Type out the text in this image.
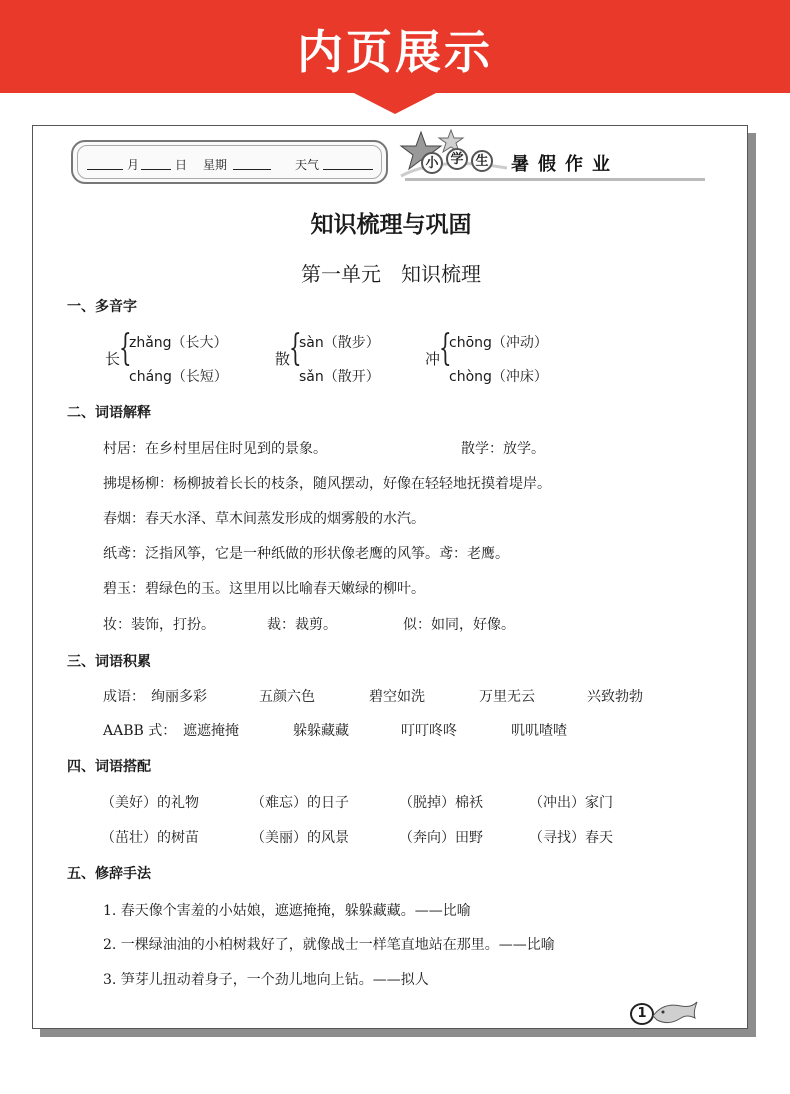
内页展示
月	日 星期	天气	小 学 生 暑假作业
知识梳理与巩固
第一单元　知识梳理
一、多音字
长
{
zhǎng（长大）
cháng（长短）
散
{
sàn（散步）
sǎn（散开）
冲
{
chōng（冲动）
chòng（冲床）
二、词语解释
村居：在乡村里居住时见到的景象。	散学：放学。
拂堤杨柳：杨柳披着长长的枝条，随风摆动，好像在轻轻地抚摸着堤岸。
春烟：春天水泽、草木间蒸发形成的烟雾般的水汽。
纸鸢：泛指风筝，它是一种纸做的形状像老鹰的风筝。鸢：老鹰。
碧玉：碧绿色的玉。这里用以比喻春天嫩绿的柳叶。
妆：装饰，打扮。	裁：裁剪。	似：如同，好像。
三、词语积累
成语： 绚丽多彩	五颜六色	碧空如洗	万里无云	兴致勃勃
AABB 式： 遮遮掩掩	躲躲藏藏	叮叮咚咚	叽叽喳喳
四、词语搭配
（美好）的礼物	（难忘）的日子	（脱掉）棉袄	（冲出）家门
（茁壮）的树苗	（美丽）的风景	（奔向）田野	（寻找）春天
五、修辞手法
1. 春天像个害羞的小姑娘，遮遮掩掩，躲躲藏藏。——比喻
2. 一棵绿油油的小柏树栽好了，就像战士一样笔直地站在那里。——比喻
3. 笋芽儿扭动着身子，一个劲儿地向上钻。——拟人
1
